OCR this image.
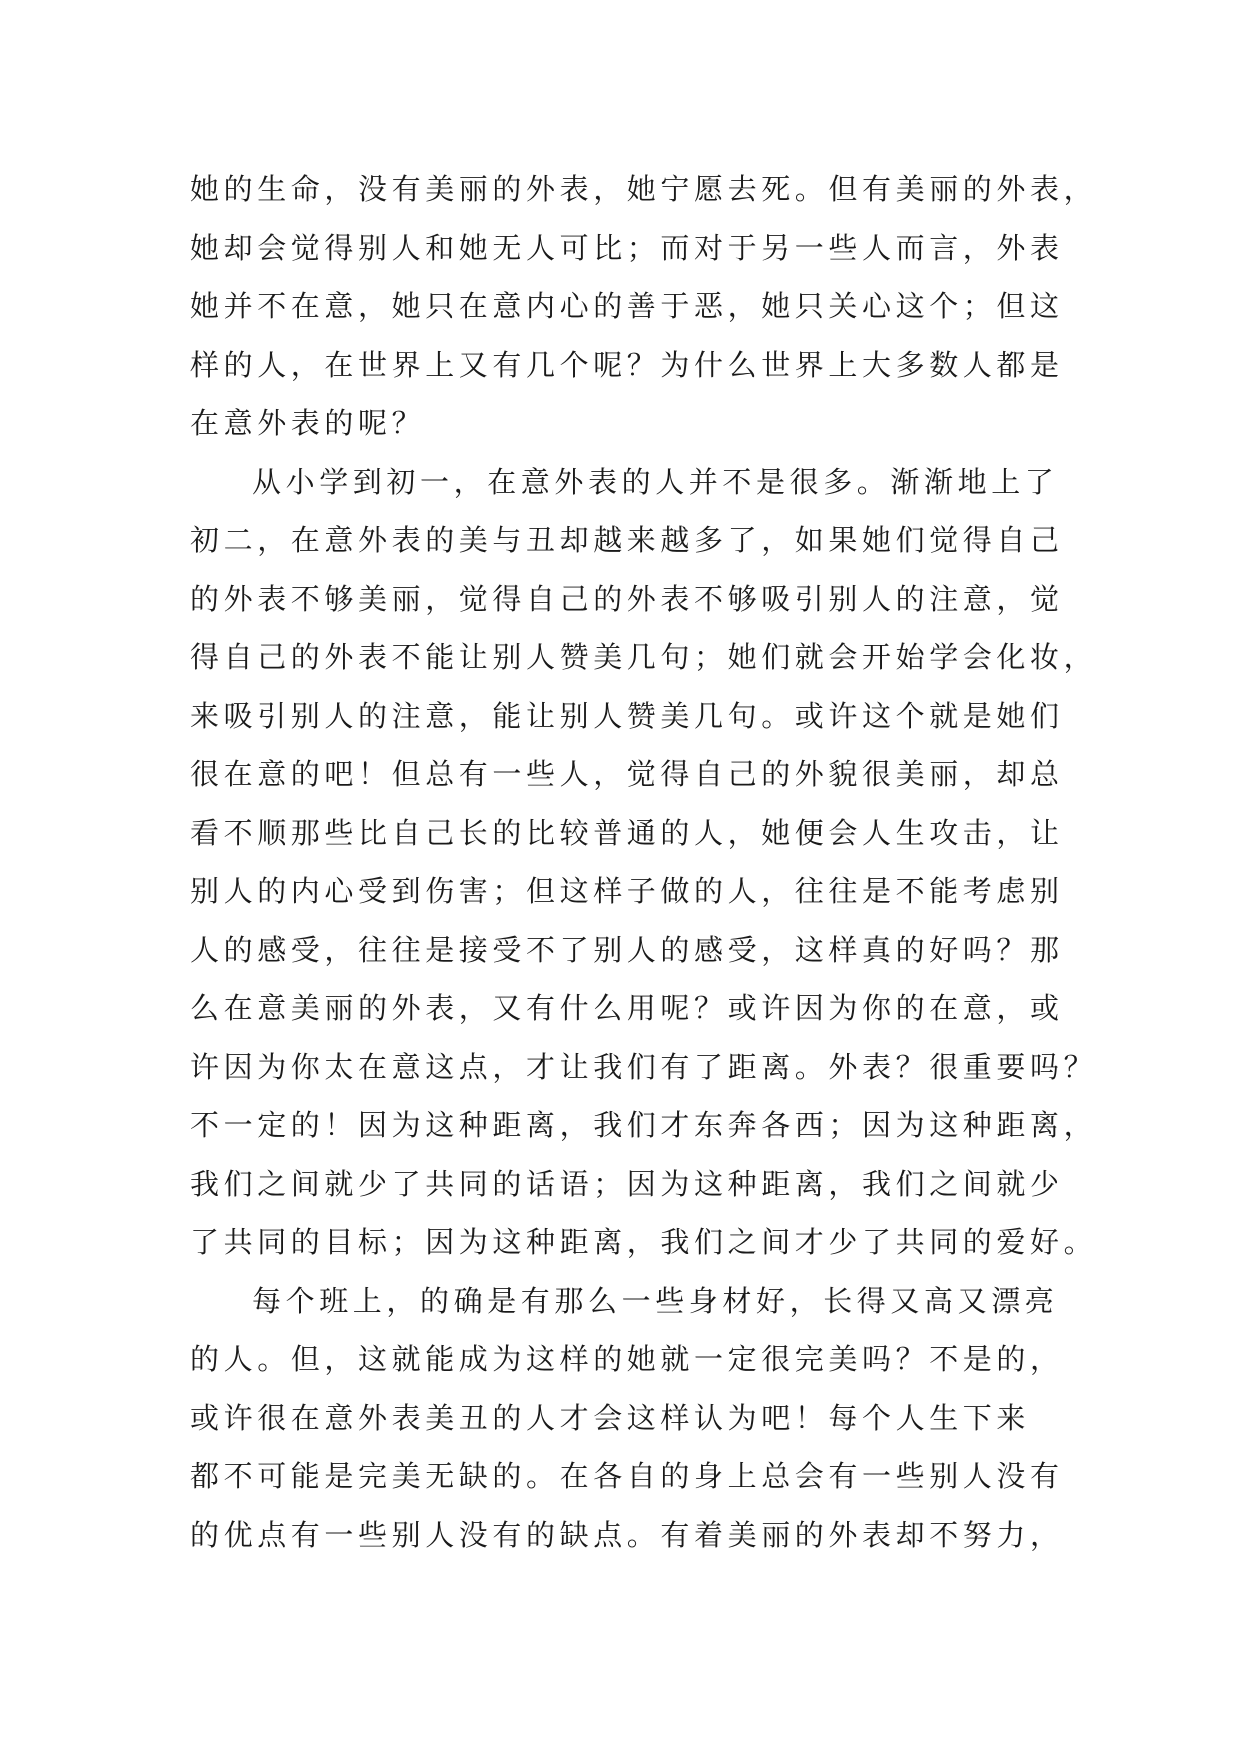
她的生命，没有美丽的外表，她宁愿去死。但有美丽的外表，
她却会觉得别人和她无人可比；而对于另一些人而言，外表
她并不在意，她只在意内心的善于恶，她只关心这个；但这
样的人，在世界上又有几个呢？为什么世界上大多数人都是
在意外表的呢？
从小学到初一，在意外表的人并不是很多。渐渐地上了
初二，在意外表的美与丑却越来越多了，如果她们觉得自己
的外表不够美丽，觉得自己的外表不够吸引别人的注意，觉
得自己的外表不能让别人赞美几句；她们就会开始学会化妆，
来吸引别人的注意，能让别人赞美几句。或许这个就是她们
很在意的吧！但总有一些人，觉得自己的外貌很美丽，却总
看不顺那些比自己长的比较普通的人，她便会人生攻击，让
别人的内心受到伤害；但这样子做的人，往往是不能考虑别
人的感受，往往是接受不了别人的感受，这样真的好吗？那
么在意美丽的外表，又有什么用呢？或许因为你的在意，或
许因为你太在意这点，才让我们有了距离。外表？很重要吗？
不一定的！因为这种距离，我们才东奔各西；因为这种距离，
我们之间就少了共同的话语；因为这种距离，我们之间就少
了共同的目标；因为这种距离，我们之间才少了共同的爱好。
每个班上，的确是有那么一些身材好，长得又高又漂亮
的人。但，这就能成为这样的她就一定很完美吗？不是的，
或许很在意外表美丑的人才会这样认为吧！每个人生下来
都不可能是完美无缺的。在各自的身上总会有一些别人没有
的优点有一些别人没有的缺点。有着美丽的外表却不努力，
